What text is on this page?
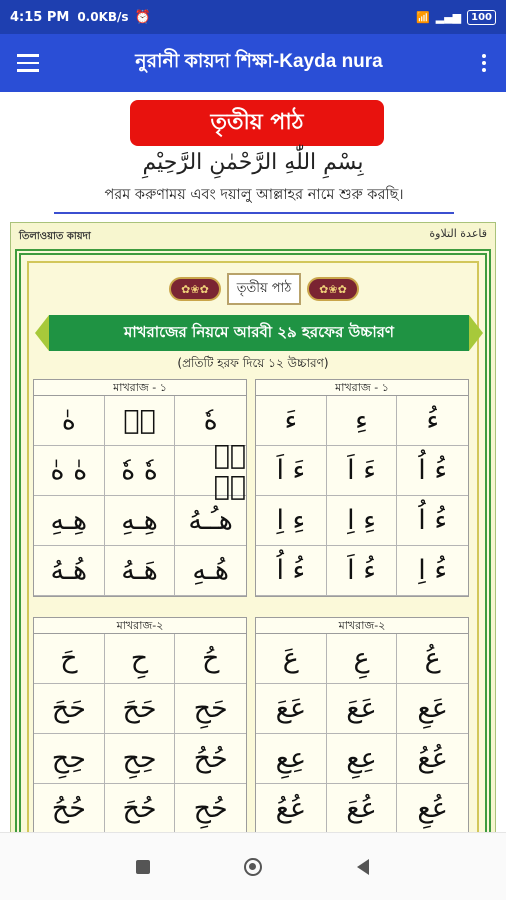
4:15 PM 0.0KB/s ⏰	📶 ▂▄▆	100
নুরানী কায়দা শিক্ষা-Kayda nura
তৃতীয় পাঠ
بِسْمِ اللّٰهِ الرَّحْمٰنِ الرَّحِيْمِ
পরম করুণাময় এবং দয়ালু আল্লাহর নামে শুরু করছি।
তিলাওয়াত কায়দা	قاعدة التلاوة
✿❀✿	তৃতীয় পাঠ	✿❀✿
মাখরাজের নিয়মে আরবী ২৯ হরফের উচ্চারণ
(প্রতিটি হরফ দিয়ে ১২ উচ্চারণ)
মাখরাজ - ১
هٰ	هٖ	هٗ
هٰ هٰ	هٗ هٗ	هٖ هٖ
هِـهِ	هِـهِ	هـُـهُ
هُـهُ	هَـهُ	هُـهِ
মাখরাজ - ১
ءَ	ءِ	ءُ
ءَ اَ	ءَ اَ	ءُ اُ
ءِ اِ	ءِ اِ	ءُ اُ
ءُ اُ	ءُ اَ	ءُ اِ
মাখরাজ-২
حَ	حِ	حُ
حَحَ	حَحَ	حَحِ
حِحِ	حِحِ	حُحُ
حُحُ	حُحَ	حُحِ
মাখরাজ-২
عَ	عِ	عُ
عَعَ	عَعَ	عَعِ
عِعِ	عِعِ	عُعُ
عُعُ	عُعَ	عُعِ
